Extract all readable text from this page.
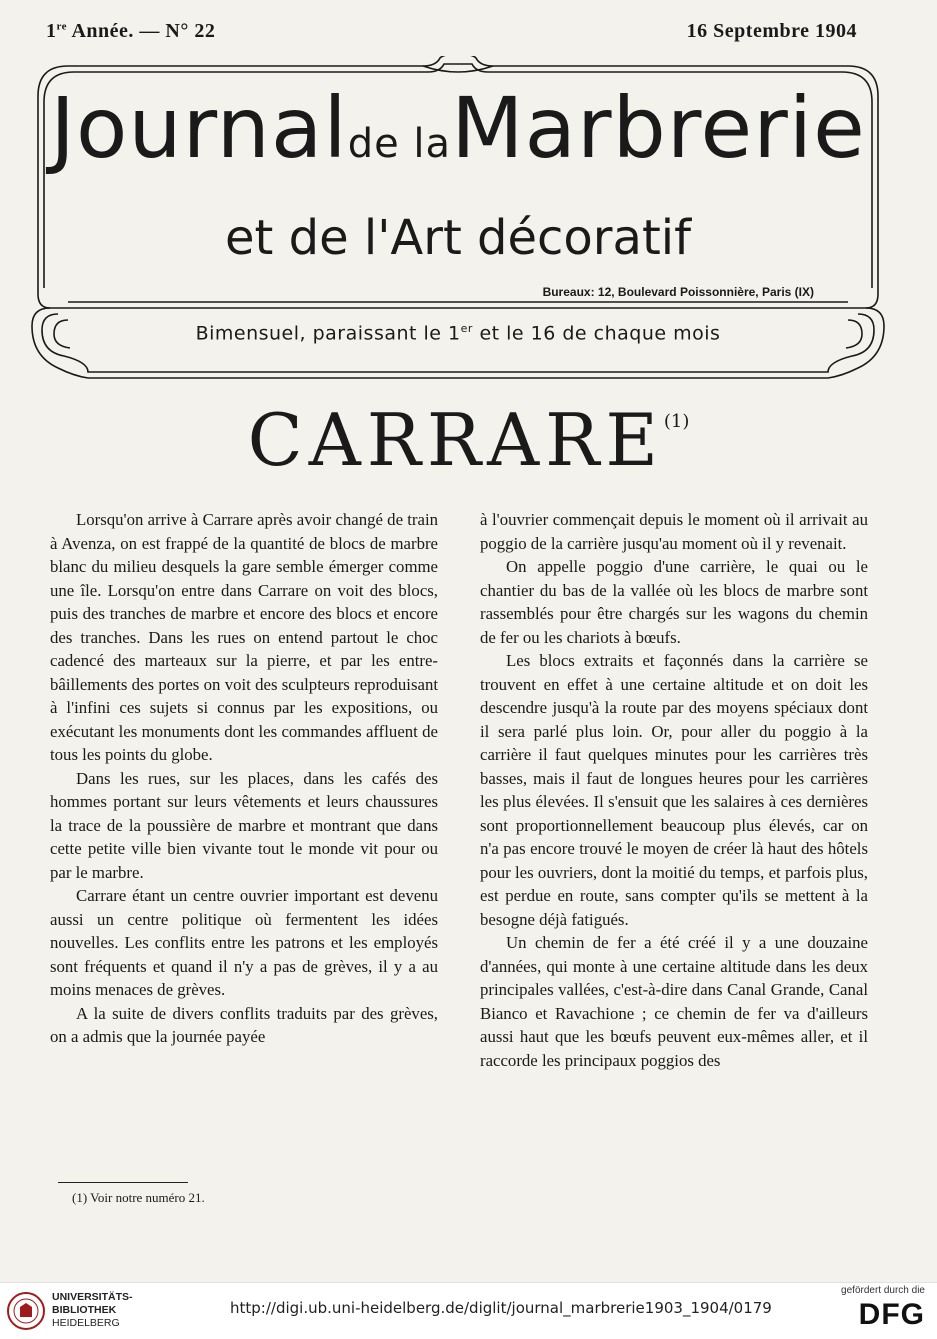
1re Année. — N° 22	16 Septembre 1904
Journalde laMarbrerie
et de l'Art décoratif
Bureaux: 12, Boulevard Poissonnière, Paris (IX)
Bimensuel, paraissant le 1er et le 16 de chaque mois
CARRARE$^{(1)}$

Lorsqu'on arrive à Carrare après avoir changé de train à Avenza, on est frappé de la quantité de blocs de marbre blanc du milieu desquels la gare semble émerger comme une île. Lorsqu'on entre dans Carrare on voit des blocs, puis des tranches de marbre et encore des blocs et encore des tranches. Dans les rues on entend partout le choc cadencé des marteaux sur la pierre, et par les entre-bâillements des portes on voit des sculpteurs reproduisant à l'infini ces sujets si connus par les expositions, ou exécutant les monuments dont les commandes affluent de tous les points du globe.

Dans les rues, sur les places, dans les cafés des hommes portant sur leurs vêtements et leurs chaussures la trace de la poussière de marbre et montrant que dans cette petite ville bien vivante tout le monde vit pour ou par le marbre.

Carrare étant un centre ouvrier important est devenu aussi un centre politique où fermentent les idées nouvelles. Les conflits entre les patrons et les employés sont fréquents et quand il n'y a pas de grèves, il y a au moins menaces de grèves.

A la suite de divers conflits traduits par des grèves, on a admis que la journée payée

à l'ouvrier commençait depuis le moment où il arrivait au poggio de la carrière jusqu'au moment où il y revenait.

On appelle poggio d'une carrière, le quai ou le chantier du bas de la vallée où les blocs de marbre sont rassemblés pour être chargés sur les wagons du chemin de fer ou les chariots à bœufs.

Les blocs extraits et façonnés dans la carrière se trouvent en effet à une certaine altitude et on doit les descendre jusqu'à la route par des moyens spéciaux dont il sera parlé plus loin. Or, pour aller du poggio à la carrière il faut quelques minutes pour les carrières très basses, mais il faut de longues heures pour les carrières les plus élevées. Il s'ensuit que les salaires à ces dernières sont proportionnellement beaucoup plus élevés, car on n'a pas encore trouvé le moyen de créer là haut des hôtels pour les ouvriers, dont la moitié du temps, et parfois plus, est perdue en route, sans compter qu'ils se mettent à la besogne déjà fatigués.

Un chemin de fer a été créé il y a une douzaine d'années, qui monte à une certaine altitude dans les deux principales vallées, c'est-à-dire dans Canal Grande, Canal Bianco et Ravachione ; ce chemin de fer va d'ailleurs aussi haut que les bœufs peuvent eux-mêmes aller, et il raccorde les principaux poggios des

(1) Voir notre numéro 21.
UNIVERSITÄTS-
BIBLIOTHEK
HEIDELBERG
http://digi.ub.uni-heidelberg.de/diglit/journal_marbrerie1903_1904/0179
gefördert durch die
DFG
